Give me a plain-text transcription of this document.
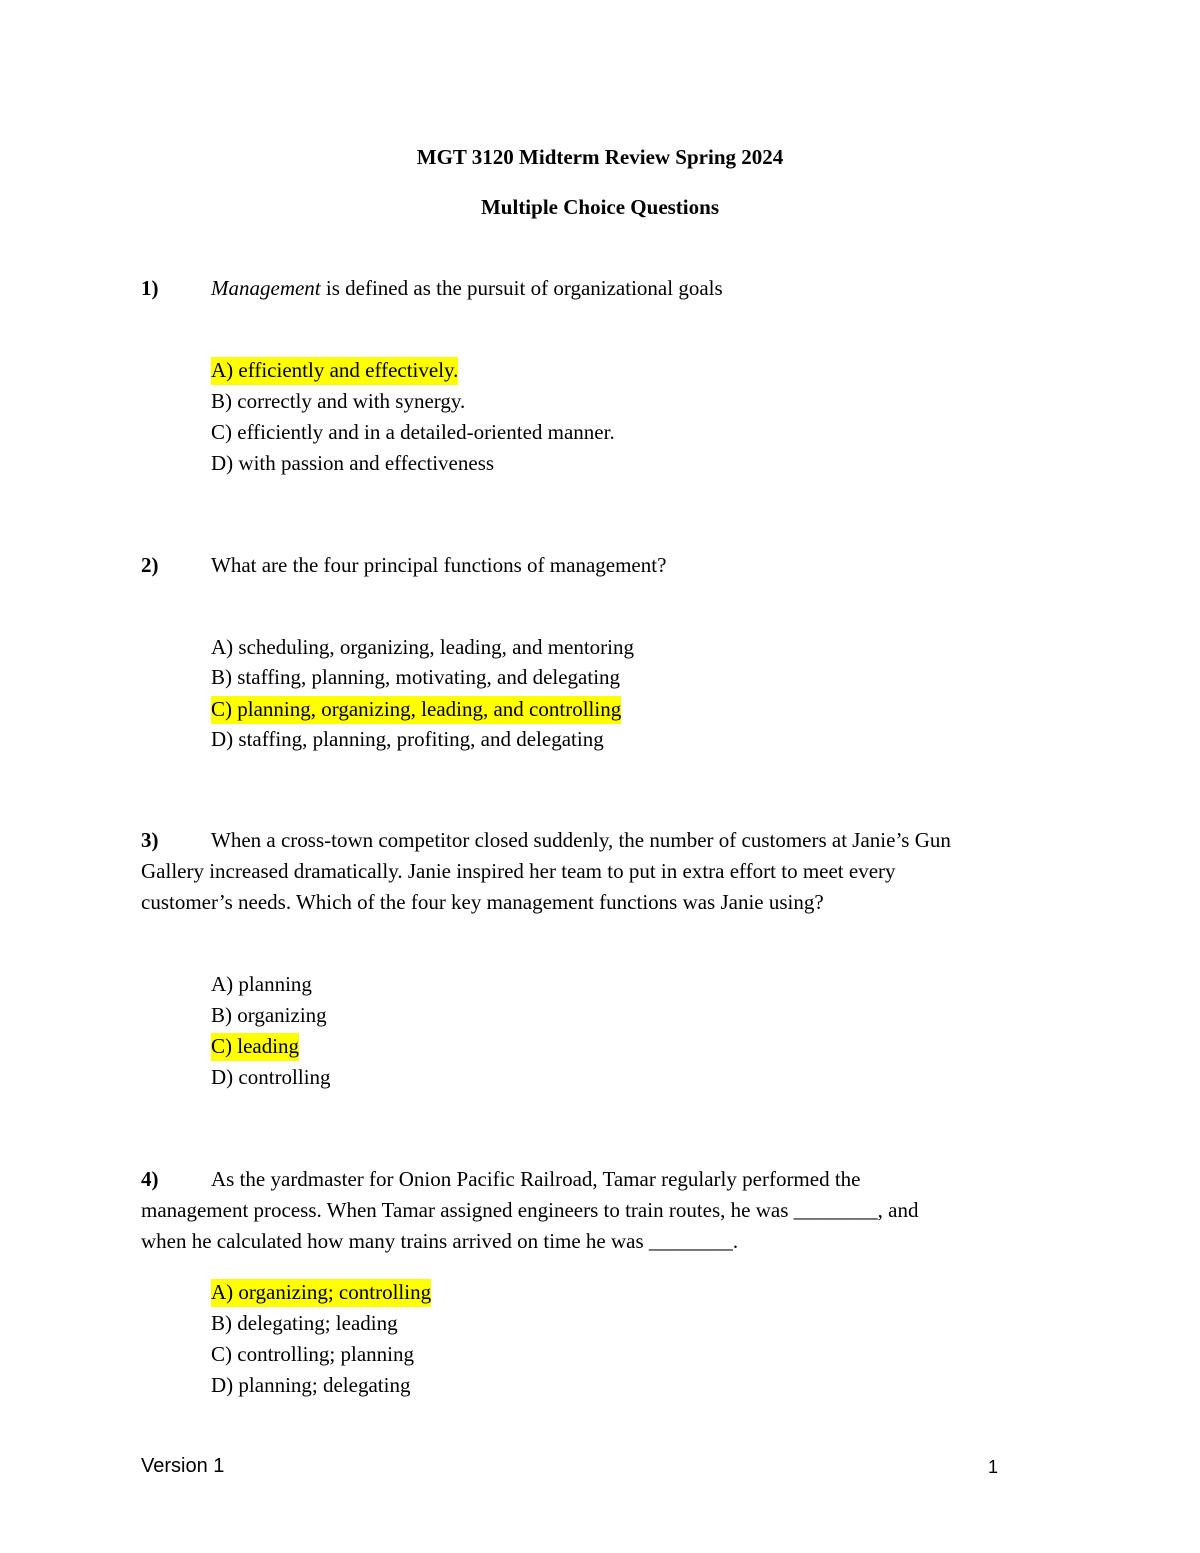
MGT 3120 Midterm Review Spring 2024
Multiple Choice Questions
1)	Management is defined as the pursuit of organizational goals
A) efficiently and effectively.
B) correctly and with synergy.
C) efficiently and in a detailed-oriented manner.
D) with passion and effectiveness
2)	What are the four principal functions of management?
A) scheduling, organizing, leading, and mentoring
B) staffing, planning, motivating, and delegating
C) planning, organizing, leading, and controlling
D) staffing, planning, profiting, and delegating
3)	When a cross-town competitor closed suddenly, the number of customers at Janie’s Gun
Gallery increased dramatically. Janie inspired her team to put in extra effort to meet every
customer’s needs. Which of the four key management functions was Janie using?
A) planning
B) organizing
C) leading
D) controlling
4)	As the yardmaster for Onion Pacific Railroad, Tamar regularly performed the
management process. When Tamar assigned engineers to train routes, he was ________, and
when he calculated how many trains arrived on time he was ________.
A) organizing; controlling
B) delegating; leading
C) controlling; planning
D) planning; delegating
Version 1	1
